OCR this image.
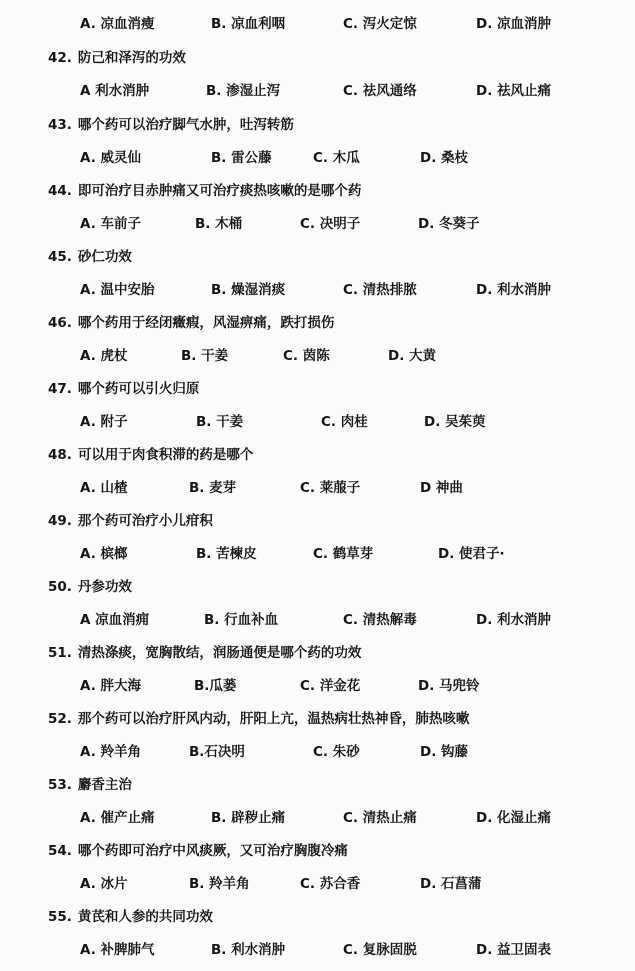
A. 凉血消瘦	B. 凉血利咽	C. 泻火定惊	D. 凉血消肿
42. 防己和泽泻的功效
A 利水消肿	B. 渗湿止泻	C. 祛风通络	D. 祛风止痛
43. 哪个药可以治疗脚气水肿，吐泻转筋
A. 威灵仙	B. 雷公藤	C. 木瓜	D. 桑枝
44. 即可治疗目赤肿痛又可治疗痰热咳嗽的是哪个药
A. 车前子	B. 木桶	C. 决明子	D. 冬葵子
45. 砂仁功效
A. 温中安胎	B. 燥湿消痰	C. 清热排脓	D. 利水消肿
46. 哪个药用于经闭癥瘕，风湿痹痛，跌打损伤
A. 虎杖	B. 干姜	C. 茵陈	D. 大黄
47. 哪个药可以引火归原
A. 附子	B. 干姜	C. 肉桂	D. 吴茱萸
48. 可以用于肉食积滞的药是哪个
A. 山楂	B. 麦芽	C. 莱菔子	D 神曲
49. 那个药可治疗小儿疳积
A. 槟榔	B. 苦楝皮	C. 鹤草芽	D. 使君子·
50. 丹参功效
A 凉血消痈	B. 行血补血	C. 清热解毒	D. 利水消肿
51. 清热涤痰，宽胸散结，润肠通便是哪个药的功效
A. 胖大海	B.瓜蒌	C. 洋金花	D. 马兜铃
52. 那个药可以治疗肝风内动，肝阳上亢，温热病壮热神昏，肺热咳嗽
A. 羚羊角	B.石决明	C. 朱砂	D. 钩藤
53. 麝香主治
A. 催产止痛	B. 辟秽止痛	C. 清热止痛	D. 化湿止痛
54. 哪个药即可治疗中风痰厥，又可治疗胸腹冷痛
A. 冰片	B. 羚羊角	C. 苏合香	D. 石菖蒲
55. 黄芪和人参的共同功效
A. 补脾肺气	B. 利水消肿	C. 复脉固脱	D. 益卫固表
